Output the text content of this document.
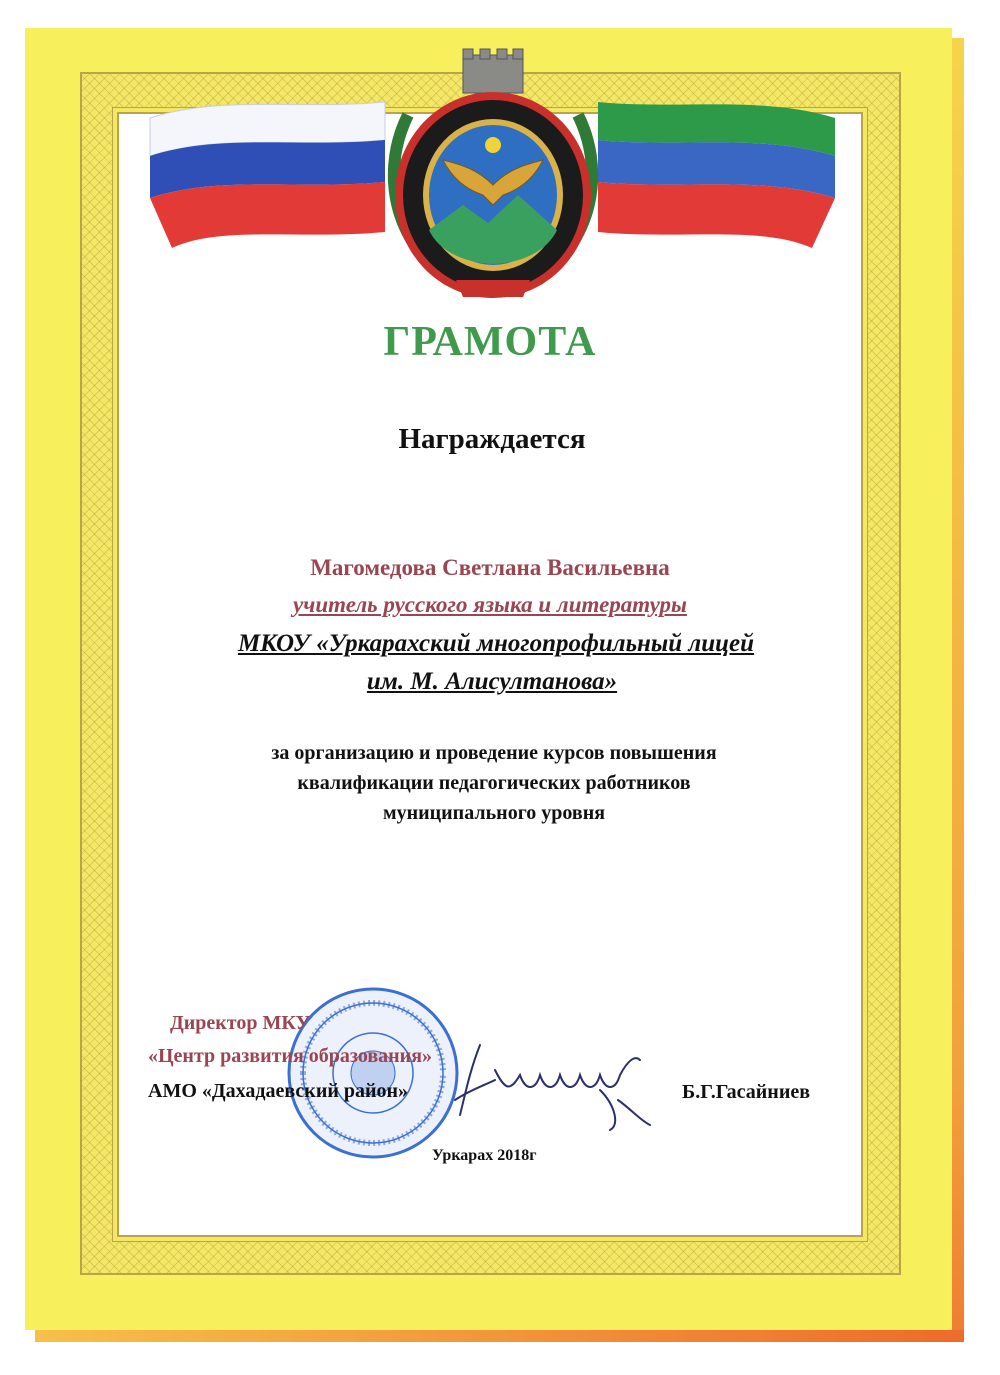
ГРАМОТА

Награждается

Магомедова Светлана Васильевна

учитель русского языка и литературы

МКОУ «Уркарахский многопрофильный лицей

им. М. Алисултанова»

за организацию и проведение курсов повышения
квалификации педагогических работников
муниципального уровня
Директор МКУ
«Центр развития образования»
АМО «Дахадаевский район»	Б.Г.Гасайниев
Уркарах 2018г
